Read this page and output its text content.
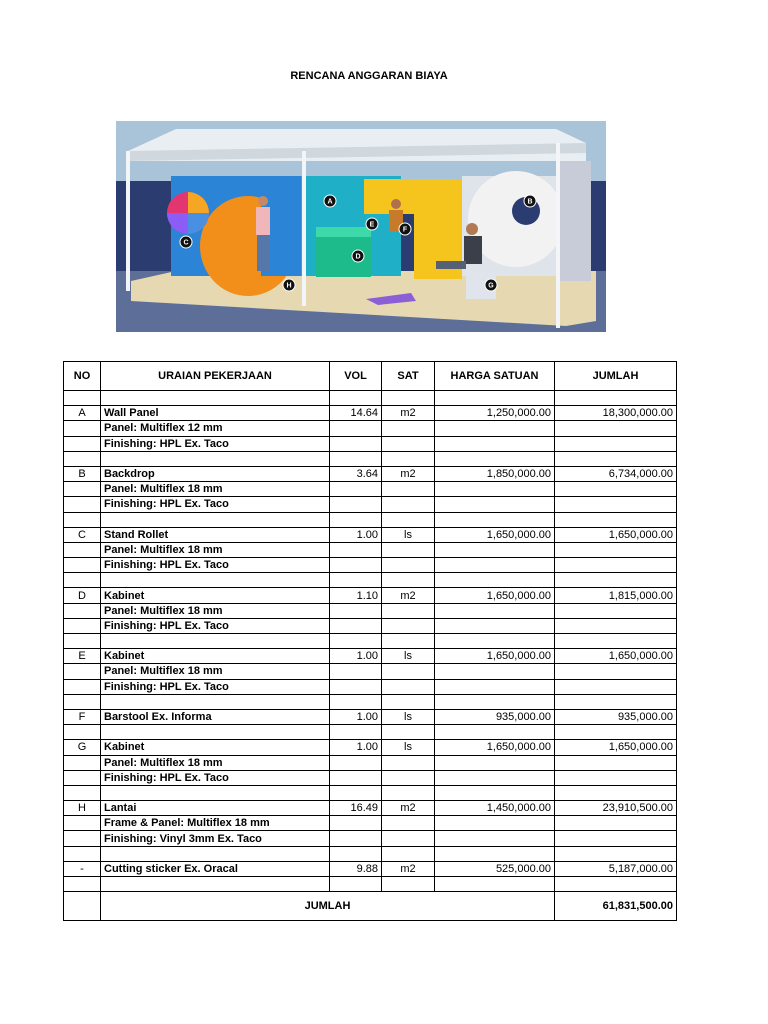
RENCANA ANGGARAN BIAYA
A	B
C
D
E
F
G
H
NO	URAIAN PEKERJAAN	VOL	SAT	HARGA SATUAN	JUMLAH

A	Wall Panel	14.64	m2	1,250,000.00	18,300,000.00
	Panel: Multiflex 12 mm				
	Finishing: HPL Ex. Taco				

B	Backdrop	3.64	m2	1,850,000.00	6,734,000.00
	Panel: Multiflex 18 mm				
	Finishing: HPL Ex. Taco				

C	Stand Rollet	1.00	ls	1,650,000.00	1,650,000.00
	Panel: Multiflex 18 mm				
	Finishing: HPL Ex. Taco				

D	Kabinet	1.10	m2	1,650,000.00	1,815,000.00
	Panel: Multiflex 18 mm				
	Finishing: HPL Ex. Taco				

E	Kabinet	1.00	ls	1,650,000.00	1,650,000.00
	Panel: Multiflex 18 mm				
	Finishing: HPL Ex. Taco				

F	Barstool Ex. Informa	1.00	ls	935,000.00	935,000.00

G	Kabinet	1.00	ls	1,650,000.00	1,650,000.00
	Panel: Multiflex 18 mm				
	Finishing: HPL Ex. Taco				

H	Lantai	16.49	m2	1,450,000.00	23,910,500.00
	Frame & Panel: Multiflex 18 mm				
	Finishing: Vinyl 3mm Ex. Taco				

-	Cutting sticker Ex. Oracal	9.88	m2	525,000.00	5,187,000.00

	JUMLAH				61,831,500.00
